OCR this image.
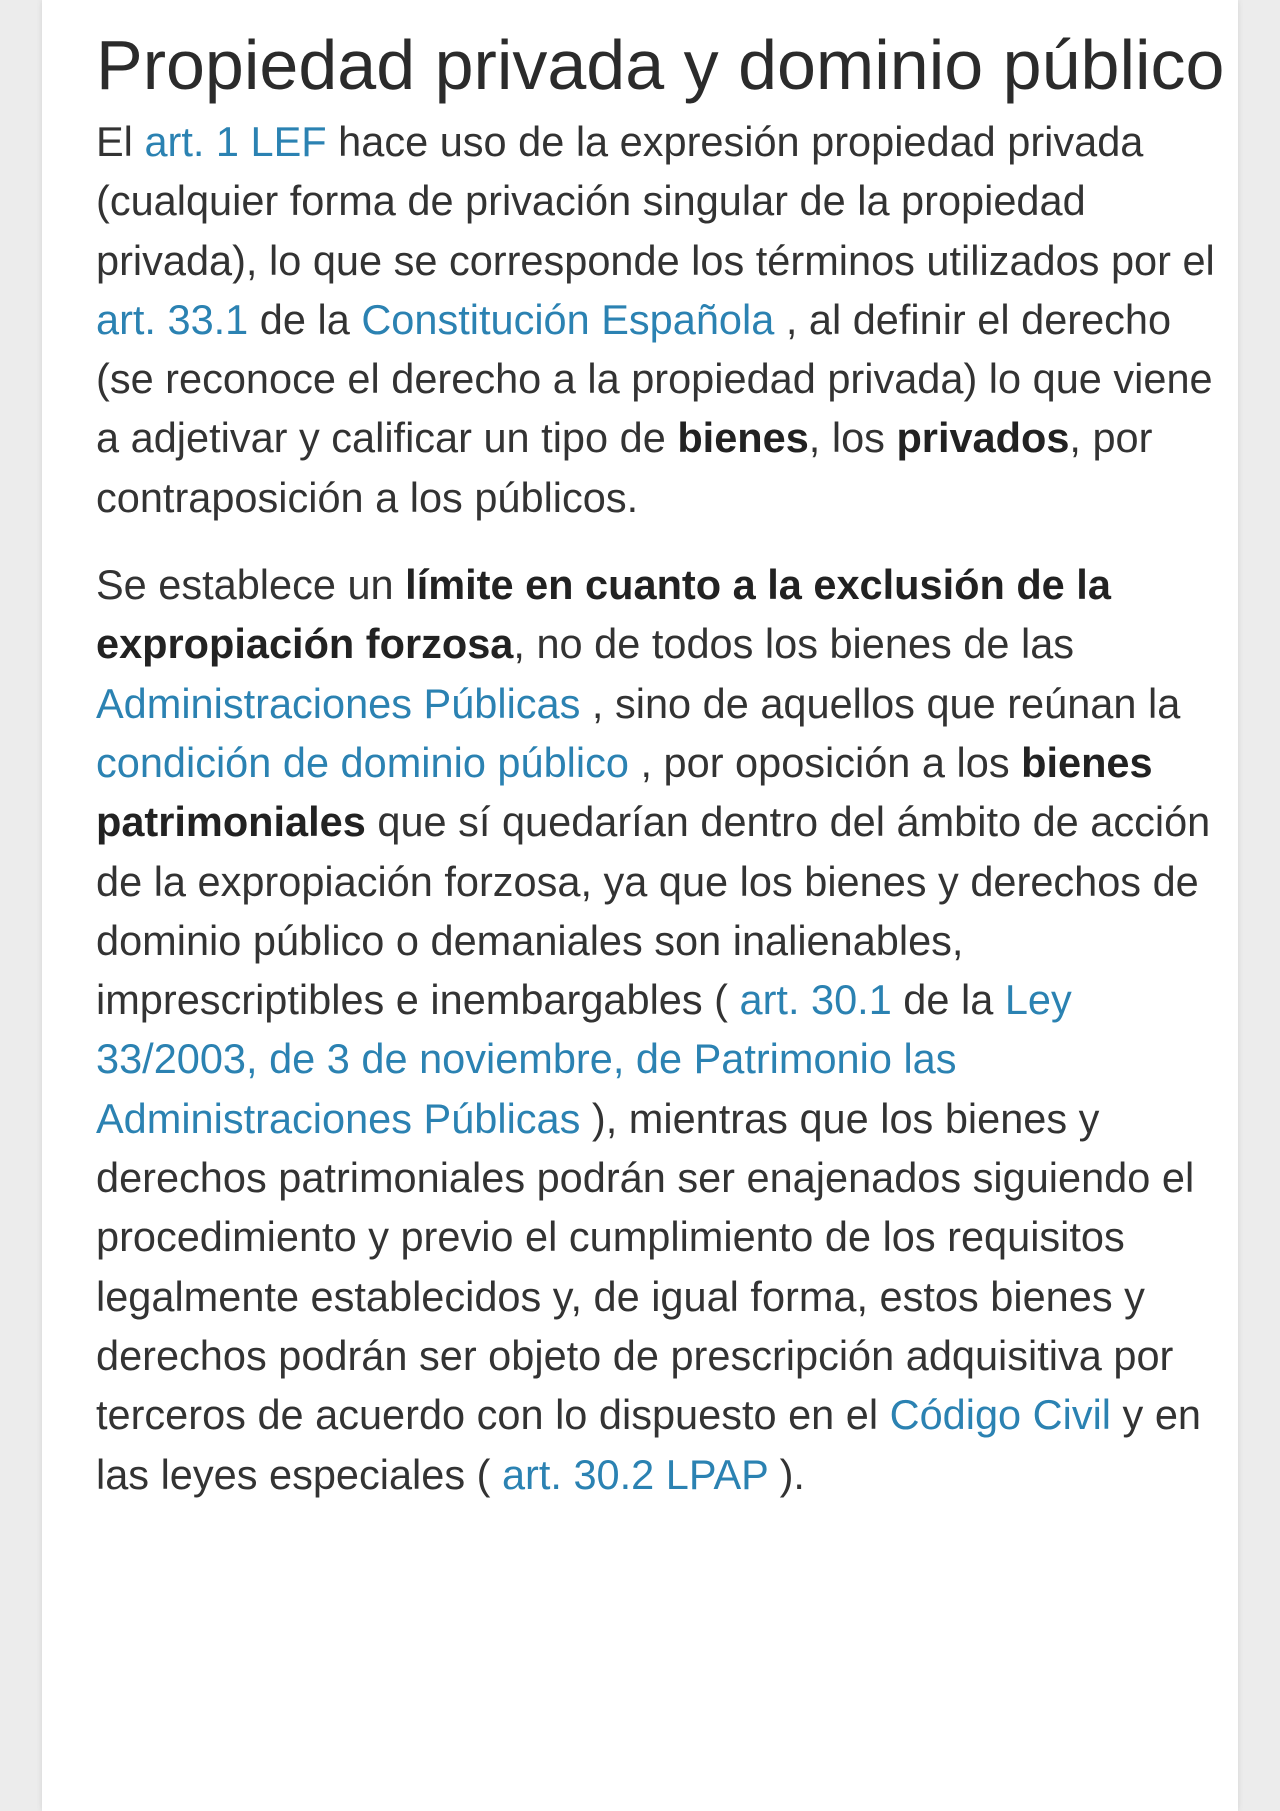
Propiedad privada y dominio público

El art. 1 LEF hace uso de la expresión propiedad privada (cualquier forma de privación singular de la propiedad privada), lo que se corresponde los términos utilizados por el art. 33.1 de la Constitución Española , al definir el derecho (se reconoce el derecho a la propiedad privada) lo que viene a adjetivar y calificar un tipo de bienes, los privados, por contraposición a los públicos.

Se establece un límite en cuanto a la exclusión de la expropiación forzosa, no de todos los bienes de las Administraciones Públicas , sino de aquellos que reúnan la condición de dominio público , por oposición a los bienes patrimoniales que sí quedarían dentro del ámbito de acción de la expropiación forzosa, ya que los bienes y derechos de dominio público o demaniales son inalienables, imprescriptibles e inembargables ( art. 30.1 de la Ley 33/2003, de 3 de noviembre, de Patrimonio las Administraciones Públicas ), mientras que los bienes y derechos patrimoniales podrán ser enajenados siguiendo el procedimiento y previo el cumplimiento de los requisitos legalmente establecidos y, de igual forma, estos bienes y derechos podrán ser objeto de prescripción adquisitiva por terceros de acuerdo con lo dispuesto en el Código Civil y en las leyes especiales ( art. 30.2 LPAP ).
